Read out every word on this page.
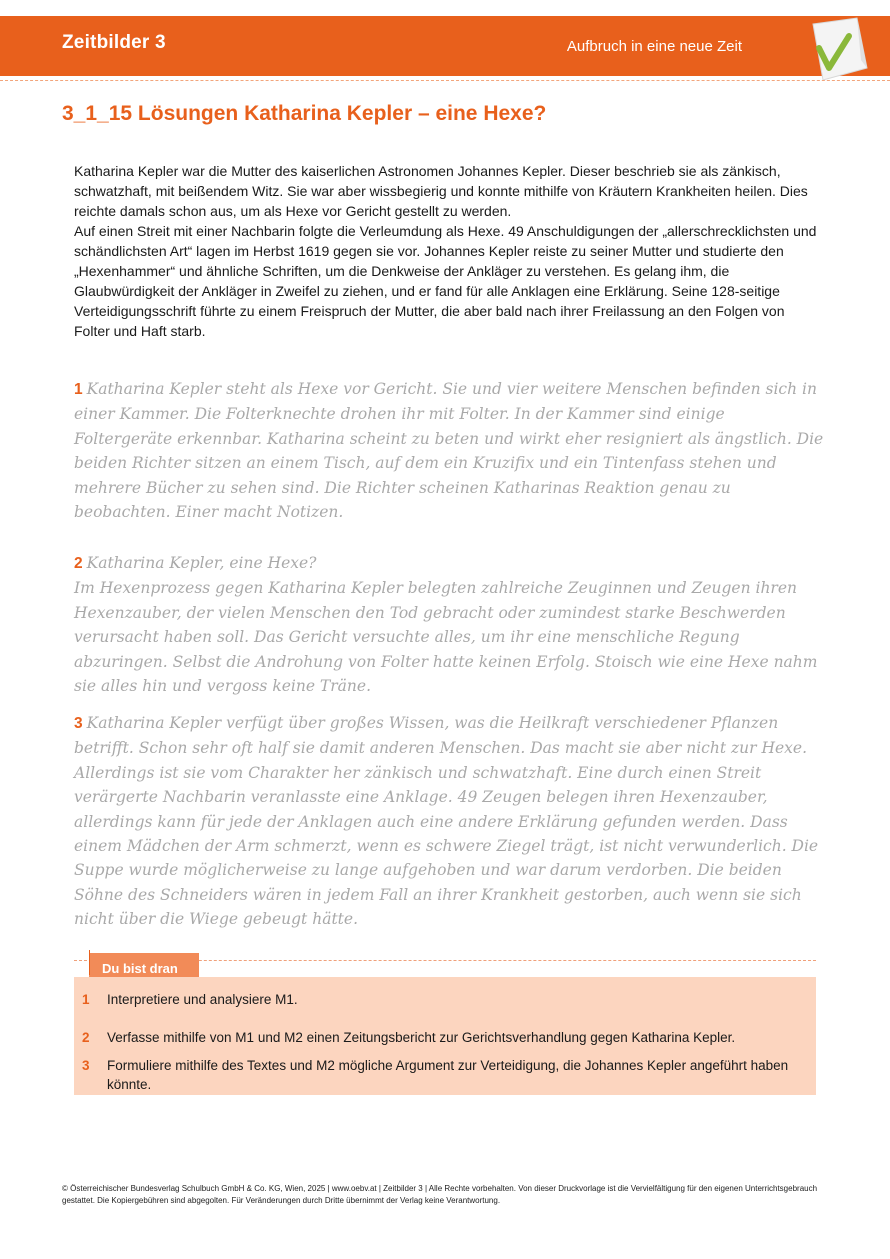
Zeitbilder 3	Aufbruch in eine neue Zeit
3_1_15 Lösungen Katharina Kepler – eine Hexe?

Katharina Kepler war die Mutter des kaiserlichen Astronomen Johannes Kepler. Dieser beschrieb sie als zänkisch, schwatzhaft, mit beißendem Witz. Sie war aber wissbegierig und konnte mithilfe von Kräutern Krankheiten heilen. Dies reichte damals schon aus, um als Hexe vor Gericht gestellt zu werden.

Auf einen Streit mit einer Nachbarin folgte die Verleumdung als Hexe. 49 Anschuldigungen der „allerschrecklichsten und schändlichsten Art“ lagen im Herbst 1619 gegen sie vor. Johannes Kepler reiste zu seiner Mutter und studierte den „Hexenhammer“ und ähnliche Schriften, um die Denkweise der Ankläger zu verstehen. Es gelang ihm, die Glaubwürdigkeit der Ankläger in Zweifel zu ziehen, und er fand für alle Anklagen eine Erklärung. Seine 128-seitige Verteidigungsschrift führte zu einem Freispruch der Mutter, die aber bald nach ihrer Freilassung an den Folgen von Folter und Haft starb.

1 Katharina Kepler steht als Hexe vor Gericht. Sie und vier weitere Menschen befinden sich in einer Kammer. Die Folterknechte drohen ihr mit Folter. In der Kammer sind einige Foltergeräte erkennbar. Katharina scheint zu beten und wirkt eher resigniert als ängstlich. Die beiden Richter sitzen an einem Tisch, auf dem ein Kruzifix und ein Tintenfass stehen und mehrere Bücher zu sehen sind. Die Richter scheinen Katharinas Reaktion genau zu beobachten. Einer macht Notizen.

2 Katharina Kepler, eine Hexe?

Im Hexenprozess gegen Katharina Kepler belegten zahlreiche Zeuginnen und Zeugen ihren Hexenzauber, der vielen Menschen den Tod gebracht oder zumindest starke Beschwerden verursacht haben soll. Das Gericht versuchte alles, um ihr eine menschliche Regung abzuringen. Selbst die Androhung von Folter hatte keinen Erfolg. Stoisch wie eine Hexe nahm sie alles hin und vergoss keine Träne.

3 Katharina Kepler verfügt über großes Wissen, was die Heilkraft verschiedener Pflanzen betrifft. Schon sehr oft half sie damit anderen Menschen. Das macht sie aber nicht zur Hexe. Allerdings ist sie vom Charakter her zänkisch und schwatzhaft. Eine durch einen Streit verärgerte Nachbarin veranlasste eine Anklage. 49 Zeugen belegen ihren Hexenzauber, allerdings kann für jede der Anklagen auch eine andere Erklärung gefunden werden. Dass einem Mädchen der Arm schmerzt, wenn es schwere Ziegel trägt, ist nicht verwunderlich. Die Suppe wurde möglicherweise zu lange aufgehoben und war darum verdorben. Die beiden Söhne des Schneiders wären in jedem Fall an ihrer Krankheit gestorben, auch wenn sie sich nicht über die Wiege gebeugt hätte.

Du bist dran
1 Interpretiere und analysiere M1.
2 Verfasse mithilfe von M1 und M2 einen Zeitungsbericht zur Gerichtsverhandlung gegen Katharina Kepler.
3 Formuliere mithilfe des Textes und M2 mögliche Argument zur Verteidigung, die Johannes Kepler angeführt haben könnte.
© Österreichischer Bundesverlag Schulbuch GmbH & Co. KG, Wien, 2025 | www.oebv.at | Zeitbilder 3 | Alle Rechte vorbehalten. Von dieser Druckvorlage ist die Vervielfältigung für den eigenen Unterrichtsgebrauch gestattet. Die Kopiergebühren sind abgegolten. Für Veränderungen durch Dritte übernimmt der Verlag keine Verantwortung.
